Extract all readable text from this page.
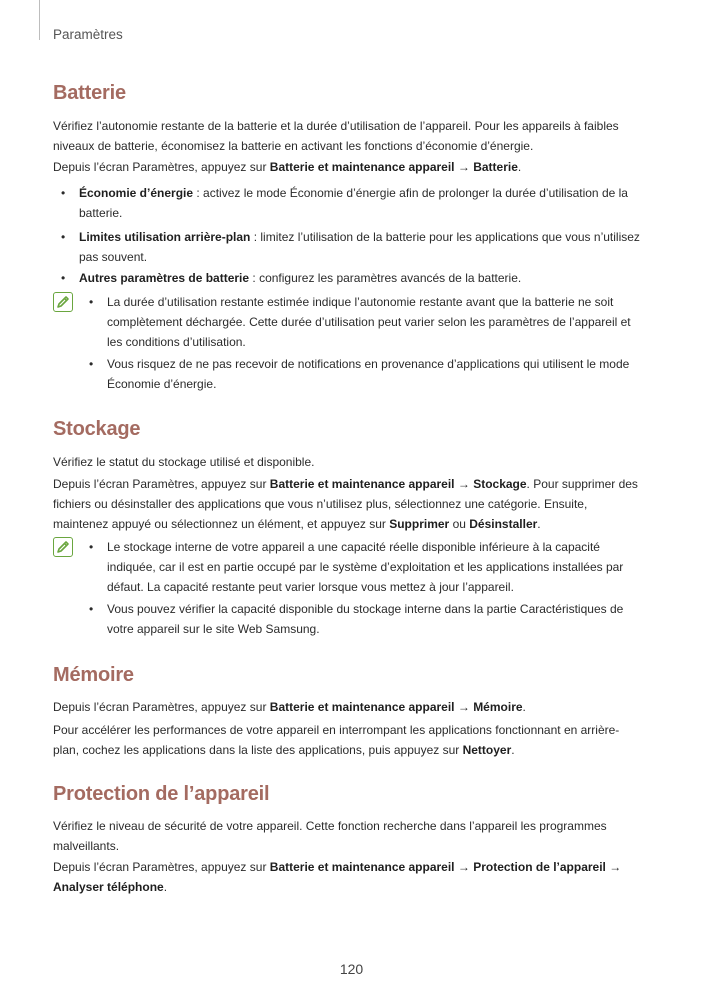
Paramètres
Batterie
Vérifiez l’autonomie restante de la batterie et la durée d’utilisation de l’appareil. Pour les appareils à faibles niveaux de batterie, économisez la batterie en activant les fonctions d’économie d’énergie.
Depuis l’écran Paramètres, appuyez sur Batterie et maintenance appareil → Batterie.
• Économie d’énergie : activez le mode Économie d’énergie afin de prolonger la durée d’utilisation de la batterie.
• Limites utilisation arrière-plan : limitez l’utilisation de la batterie pour les applications que vous n’utilisez pas souvent.
• Autres paramètres de batterie : configurez les paramètres avancés de la batterie.
• La durée d’utilisation restante estimée indique l’autonomie restante avant que la batterie ne soit complètement déchargée. Cette durée d’utilisation peut varier selon les paramètres de l’appareil et les conditions d’utilisation.
• Vous risquez de ne pas recevoir de notifications en provenance d’applications qui utilisent le mode Économie d’énergie.
Stockage
Vérifiez le statut du stockage utilisé et disponible.
Depuis l’écran Paramètres, appuyez sur Batterie et maintenance appareil → Stockage. Pour supprimer des fichiers ou désinstaller des applications que vous n’utilisez plus, sélectionnez une catégorie. Ensuite, maintenez appuyé ou sélectionnez un élément, et appuyez sur Supprimer ou Désinstaller.
• Le stockage interne de votre appareil a une capacité réelle disponible inférieure à la capacité indiquée, car il est en partie occupé par le système d’exploitation et les applications installées par défaut. La capacité restante peut varier lorsque vous mettez à jour l’appareil.
• Vous pouvez vérifier la capacité disponible du stockage interne dans la partie Caractéristiques de votre appareil sur le site Web Samsung.
Mémoire
Depuis l’écran Paramètres, appuyez sur Batterie et maintenance appareil → Mémoire.
Pour accélérer les performances de votre appareil en interrompant les applications fonctionnant en arrière-plan, cochez les applications dans la liste des applications, puis appuyez sur Nettoyer.
Protection de l’appareil
Vérifiez le niveau de sécurité de votre appareil. Cette fonction recherche dans l’appareil les programmes malveillants.
Depuis l’écran Paramètres, appuyez sur Batterie et maintenance appareil → Protection de l’appareil → Analyser téléphone.
120
